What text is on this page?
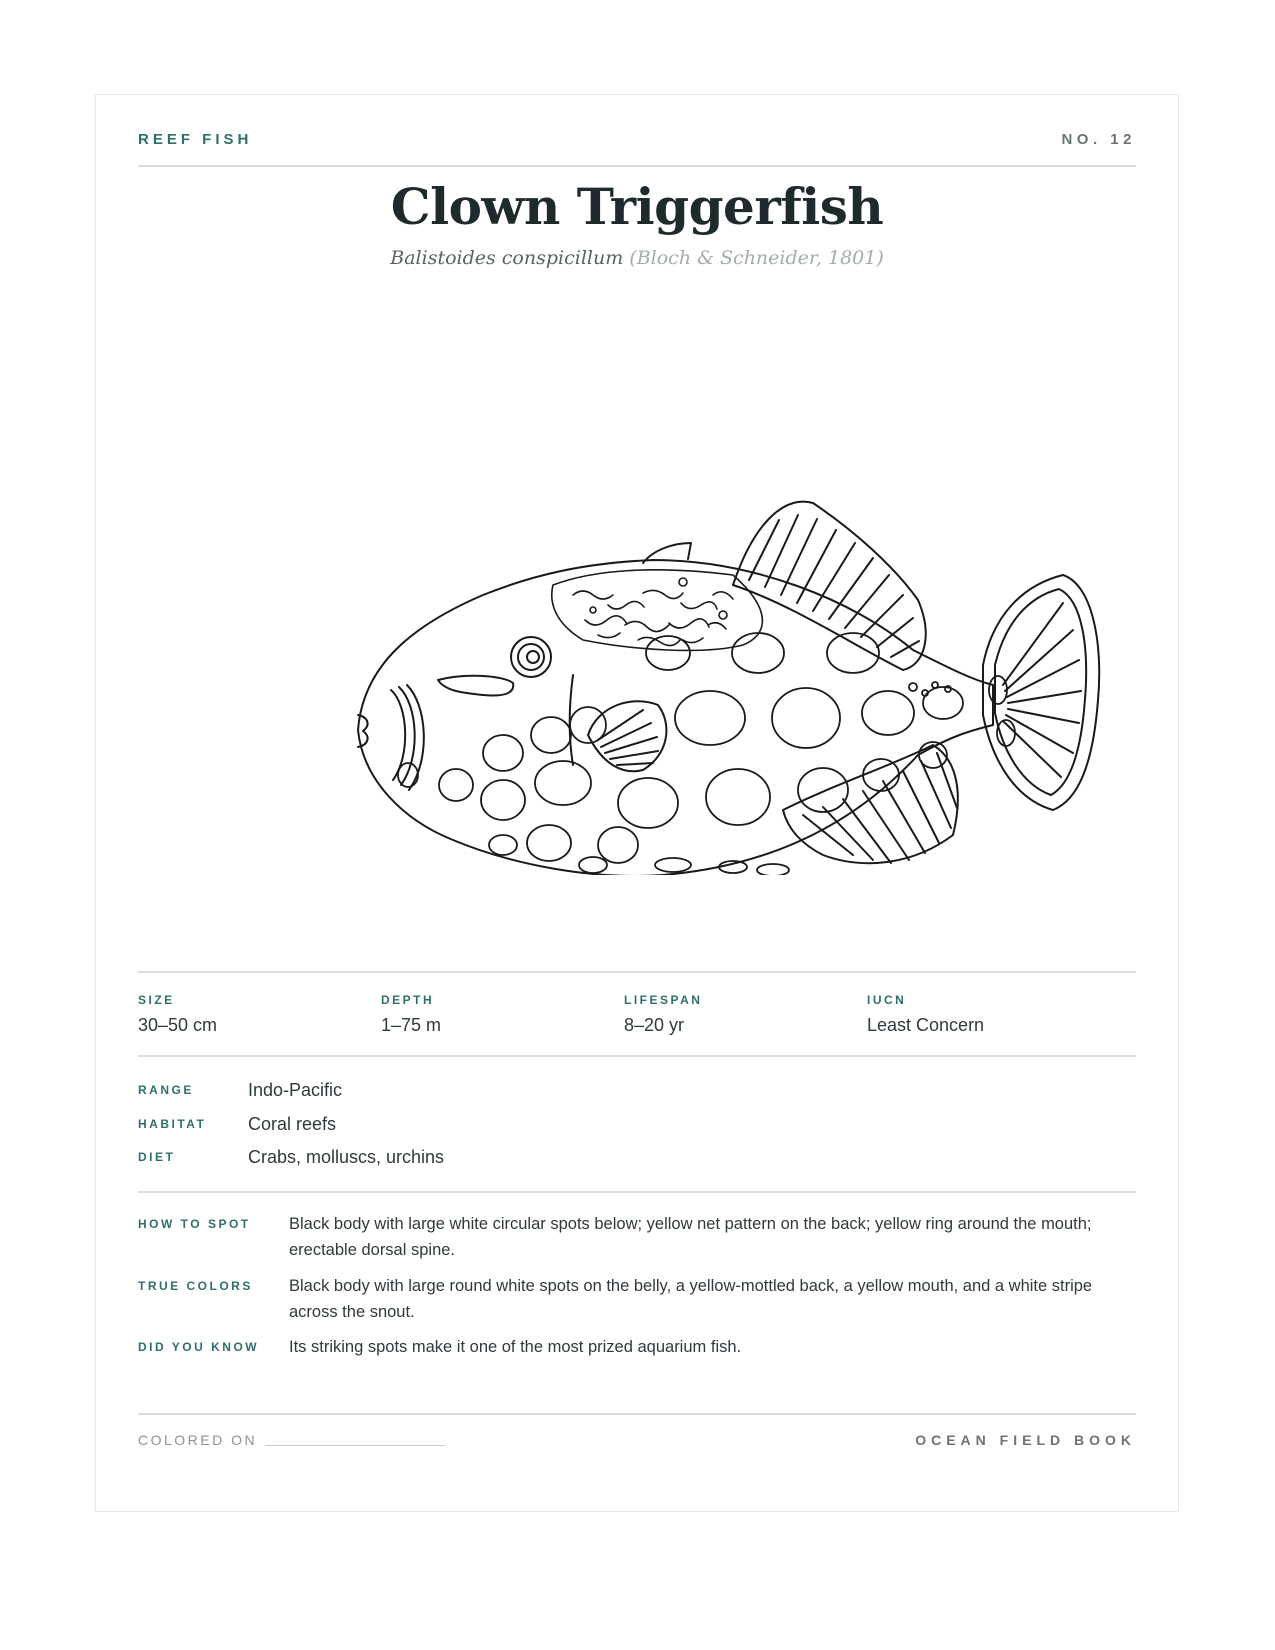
REEF FISH	NO. 12
Clown Triggerfish
Balistoides conspicillum (Bloch & Schneider, 1801)
SIZE
30–50 cm
DEPTH
1–75 m
LIFESPAN
8–20 yr
IUCN
Least Concern
RANGE	Indo-Pacific
HABITAT Coral reefs
DIET	Crabs, molluscs, urchins
HOW TO SPOT Black body with large white circular spots below; yellow net pattern on the back; yellow ring around the mouth; erectable dorsal spine.
TRUE COLORS Black body with large round white spots on the belly, a yellow-mottled back, a yellow mouth, and a white stripe across the snout.
DID YOU KNOW Its striking spots make it one of the most prized aquarium fish.
COLORED ON	OCEAN FIELD BOOK
